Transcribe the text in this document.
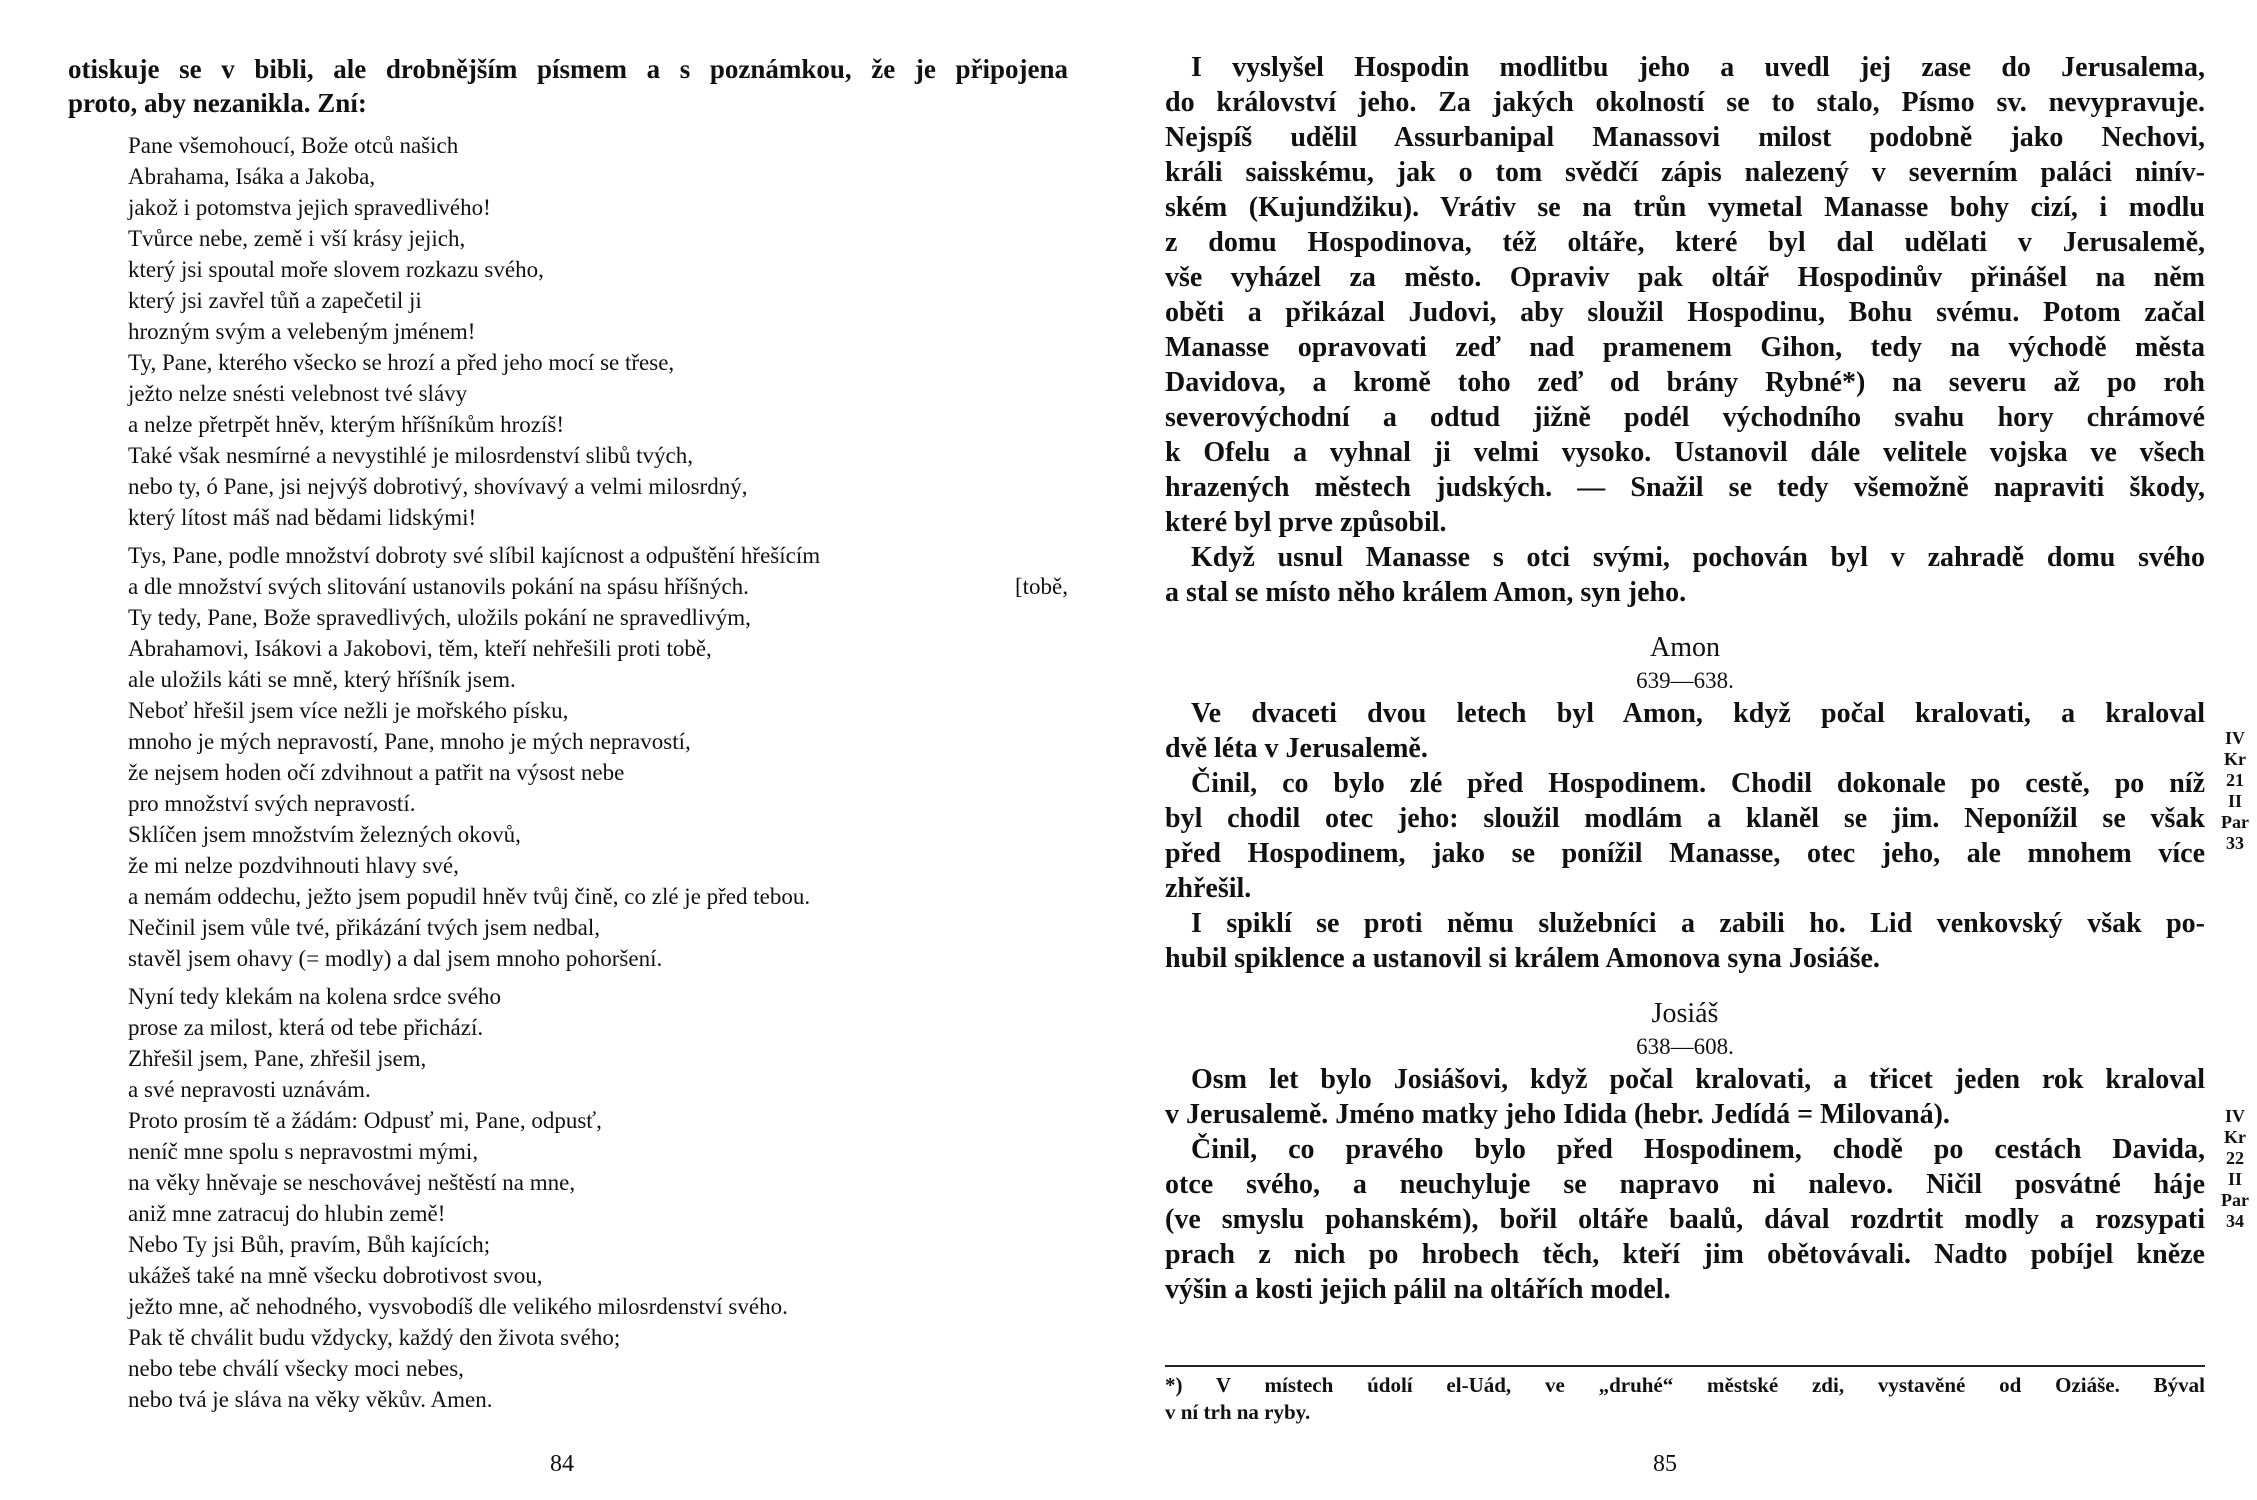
otiskuje se v bibli, ale drobnějším písmem a s poznámkou, že je připojena

proto, aby nezanikla. Zní:

Pane všemohoucí, Bože otců našich
Abrahama, Isáka a Jakoba,
jakož i potomstva jejich spravedlivého!
Tvůrce nebe, země i vší krásy jejich,
který jsi spoutal moře slovem rozkazu svého,
který jsi zavřel tůň a zapečetil ji
hrozným svým a velebeným jménem!
Ty, Pane, kterého všecko se hrozí a před jeho mocí se třese,
ježto nelze snésti velebnost tvé slávy
a nelze přetrpět hněv, kterým hříšníkům hrozíš!
Také však nesmírné a nevystihlé je milosrdenství slibů tvých,
nebo ty, ó Pane, jsi nejvýš dobrotivý, shovívavý a velmi milosrdný,
který lítost máš nad bědami lidskými!
Tys, Pane, podle množství dobroty své slíbil kajícnost a odpuštění hřešícím
a dle množství svých slitování ustanovils pokání na spásu hříšných.	[tobě,
Ty tedy, Pane, Bože spravedlivých, uložils pokání ne spravedlivým,
Abrahamovi, Isákovi a Jakobovi, těm, kteří nehřešili proti tobě,
ale uložils káti se mně, který hříšník jsem.
Neboť hřešil jsem více nežli je mořského písku,
mnoho je mých nepravostí, Pane, mnoho je mých nepravostí,
že nejsem hoden očí zdvihnout a patřit na výsost nebe
pro množství svých nepravostí.
Sklíčen jsem množstvím železných okovů,
že mi nelze pozdvihnouti hlavy své,
a nemám oddechu, ježto jsem popudil hněv tvůj čině, co zlé je před tebou.
Nečinil jsem vůle tvé, přikázání tvých jsem nedbal,
stavěl jsem ohavy (= modly) a dal jsem mnoho pohoršení.
Nyní tedy klekám na kolena srdce svého
prose za milost, která od tebe přichází.
Zhřešil jsem, Pane, zhřešil jsem,
a své nepravosti uznávám.
Proto prosím tě a žádám: Odpusť mi, Pane, odpusť,
neníč mne spolu s nepravostmi mými,
na věky hněvaje se neschovávej neštěstí na mne,
aniž mne zatracuj do hlubin země!
Nebo Ty jsi Bůh, pravím, Bůh kajících;
ukážeš také na mně všecku dobrotivost svou,
ježto mne, ač nehodného, vysvobodíš dle velikého milosrdenství svého.
Pak tě chválit budu vždycky, každý den života svého;
nebo tebe chválí všecky moci nebes,
nebo tvá je sláva na věky věkův. Amen.
84
I vyslyšel Hospodin modlitbu jeho a uvedl jej zase do Jerusalema,
do království jeho. Za jakých okolností se to stalo, Písmo sv. nevypravuje.
Nejspíš udělil Assurbanipal Manassovi milost podobně jako Nechovi,
králi saisskému, jak o tom svědčí zápis nalezený v severním paláci ninív-
ském (Kujundžiku). Vrátiv se na trůn vymetal Manasse bohy cizí, i modlu
z domu Hospodinova, též oltáře, které byl dal udělati v Jerusalemě,
vše vyházel za město. Opraviv pak oltář Hospodinův přinášel na něm
oběti a přikázal Judovi, aby sloužil Hospodinu, Bohu svému. Potom začal
Manasse opravovati zeď nad pramenem Gihon, tedy na východě města
Davidova, a kromě toho zeď od brány Rybné*) na severu až po roh
severovýchodní a odtud jižně podél východního svahu hory chrámové
k Ofelu a vyhnal ji velmi vysoko. Ustanovil dále velitele vojska ve všech
hrazených městech judských. — Snažil se tedy všemožně napraviti škody,
které byl prve způsobil.
Když usnul Manasse s otci svými, pochován byl v zahradě domu svého
a stal se místo něho králem Amon, syn jeho.
Amon
639—638.
Ve dvaceti dvou letech byl Amon, když počal kralovati, a kraloval
dvě léta v Jerusalemě.
Činil, co bylo zlé před Hospodinem. Chodil dokonale po cestě, po níž
byl chodil otec jeho: sloužil modlám a klaněl se jim. Neponížil se však
před Hospodinem, jako se ponížil Manasse, otec jeho, ale mnohem více
zhřešil.
I spiklí se proti němu služebníci a zabili ho. Lid venkovský však po-
hubil spiklence a ustanovil si králem Amonova syna Josiáše.
Josiáš
638—608.
Osm let bylo Josiášovi, když počal kralovati, a třicet jeden rok kraloval
v Jerusalemě. Jméno matky jeho Idida (hebr. Jedídá = Milovaná).
Činil, co pravého bylo před Hospodinem, chodě po cestách Davida,
otce svého, a neuchyluje se napravo ni nalevo. Ničil posvátné háje
(ve smyslu pohanském), bořil oltáře baalů, dával rozdrtit modly a rozsypati
prach z nich po hrobech těch, kteří jim obětovávali. Nadto pobíjel kněze
výšin a kosti jejich pálil na oltářích model.
IV Kr
21
II Par
33
IV Kr
22
II Par
34
*) V místech údolí el-Uád, ve „druhé“ městské zdi, vystavěné od Oziáše. Býval
v ní trh na ryby.
85
